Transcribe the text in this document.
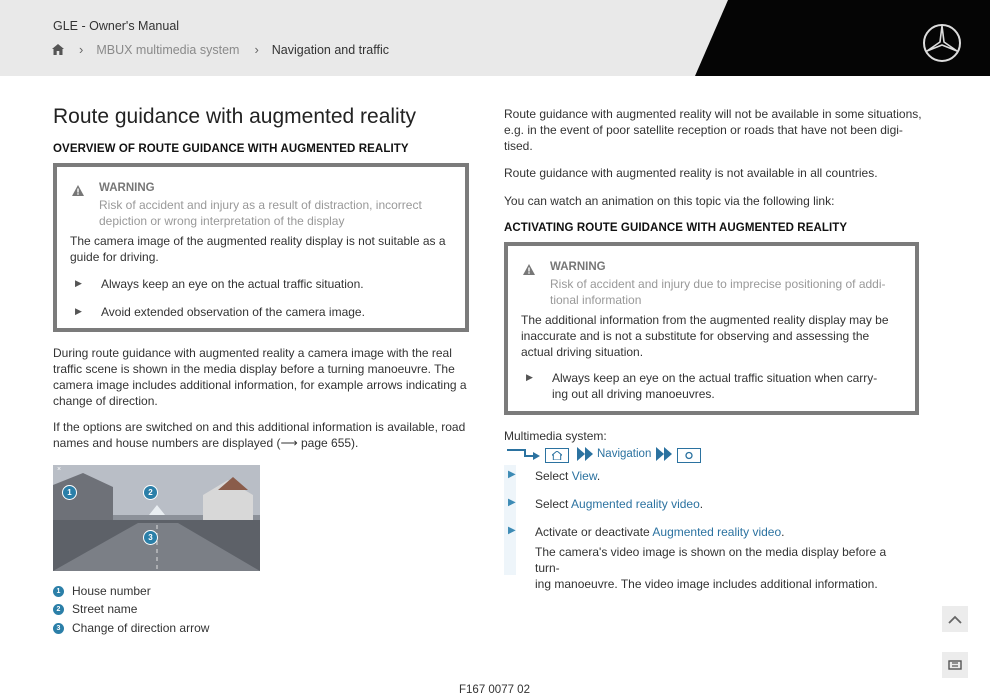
GLE - Owner's Manual
› MBUX multimedia system › Navigation and traffic
Route guidance with augmented reality
OVERVIEW OF ROUTE GUIDANCE WITH AUGMENTED REALITY
WARNING
Risk of accident and injury as a result of distraction, incorrect
depiction or wrong interpretation of the display

The camera image of the augmented reality display is not suitable as a

guide for driving.

▶ Always keep an eye on the actual traffic situation.
▶ Avoid extended observation of the camera image.

During route guidance with augmented reality a camera image with the real

traffic scene is shown in the media display before a turning manoeuvre. The

camera image includes additional information, for example arrows indicating a

change of direction.

If the options are switched on and this additional information is available, road

names and house numbers are displayed (⟶ page 655).

×
1	2
3
1 House number
2 Street name
3 Change of direction arrow

Route guidance with augmented reality will not be available in some situations,

e.g. in the event of poor satellite reception or roads that have not been digi-

tised.

Route guidance with augmented reality is not available in all countries.

You can watch an animation on this topic via the following link:

ACTIVATING ROUTE GUIDANCE WITH AUGMENTED REALITY
WARNING
Risk of accident and injury due to imprecise positioning of addi-
tional information

The additional information from the augmented reality display may be

inaccurate and is not a substitute for observing and assessing the

actual driving situation.

▶ Always keep an eye on the actual traffic situation when carry-
ing out all driving manoeuvres.

Multimedia system:

Navigation
▶ Select View.

▶ Select Augmented reality video.

▶ Activate or deactivate Augmented reality video.

The camera's video image is shown on the media display before a turn-

ing manoeuvre. The video image includes additional information.

F167 0077 02
